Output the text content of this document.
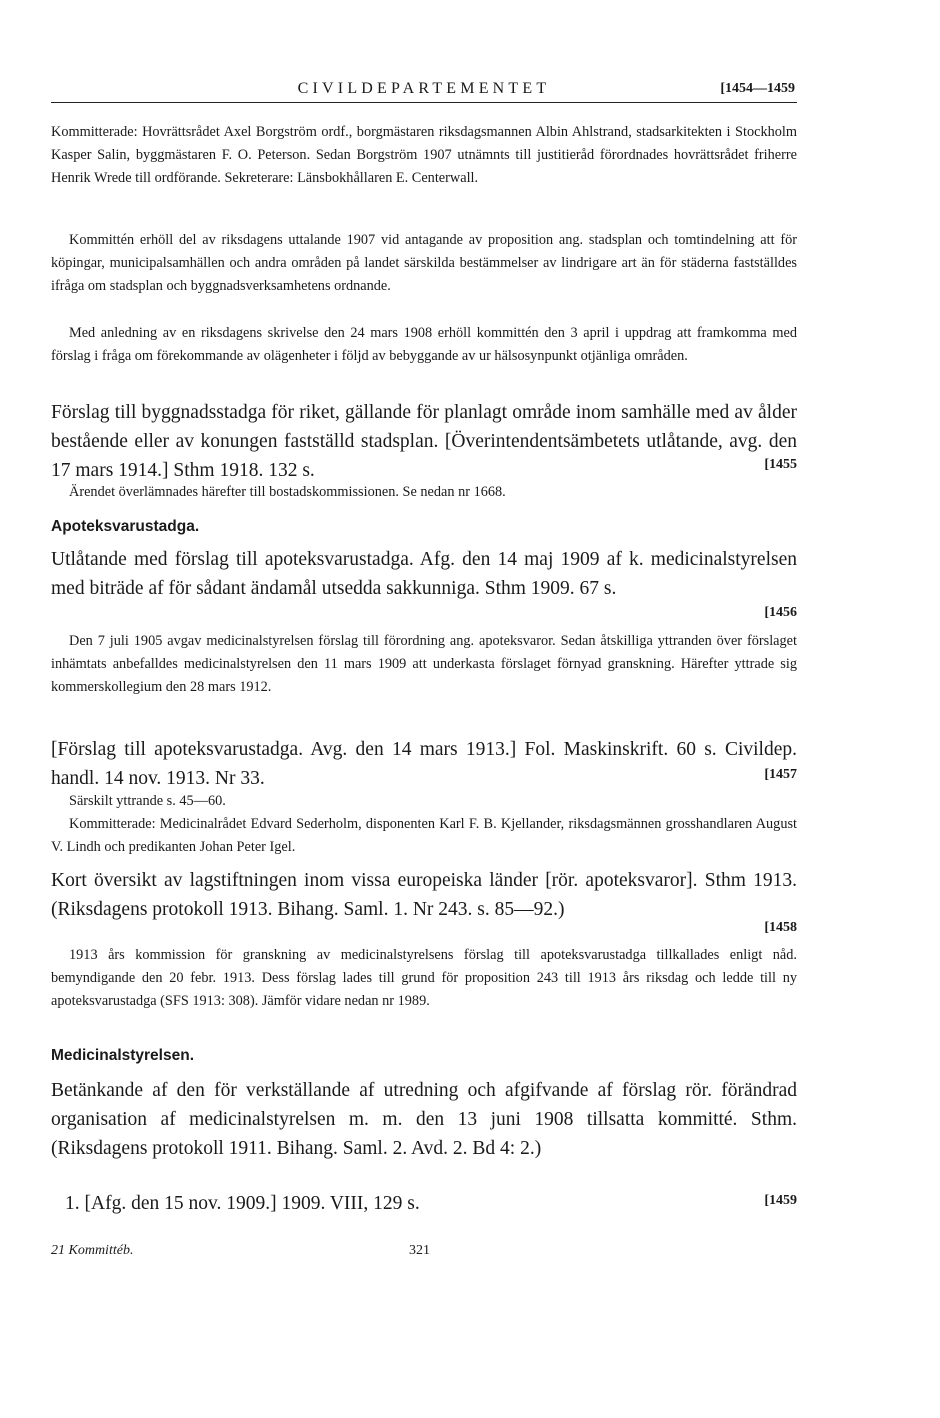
CIVILDEPARTEMENTET	[1454—1459

Kommitterade: Hovrättsrådet Axel Borgström ordf., borgmästaren riksdagsmannen Albin Ahlstrand, stadsarkitekten i Stockholm Kasper Salin, byggmästaren F. O. Peterson. Sedan Borgström 1907 utnämnts till justitieråd förordnades hovrättsrådet friherre Henrik Wrede till ordförande. Sekreterare: Länsbokhållaren E. Centerwall.

Kommittén erhöll del av riksdagens uttalande 1907 vid antagande av proposition ang. stadsplan och tomtindelning att för köpingar, municipalsamhällen och andra områden på landet särskilda bestämmelser av lindrigare art än för städerna fastställdes ifråga om stadsplan och byggnadsverksamhetens ordnande.

Med anledning av en riksdagens skrivelse den 24 mars 1908 erhöll kommittén den 3 april i uppdrag att framkomma med förslag i fråga om förekommande av olägenheter i följd av bebyggande av ur hälsosynpunkt otjänliga områden.

Förslag till byggnadsstadga för riket, gällande för planlagt område inom samhälle med av ålder bestående eller av konungen fastställd stadsplan. [Överintendentsämbetets utlåtande, avg. den 17 mars 1914.] Sthm 1918. 132 s.	[1455

Ärendet överlämnades härefter till bostadskommissionen. Se nedan nr 1668.

Apoteksvarustadga.

Utlåtande med förslag till apoteksvarustadga. Afg. den 14 maj 1909 af k. medicinalstyrelsen med biträde af för sådant ändamål utsedda sakkunniga. Sthm 1909. 67 s.

[1456

Den 7 juli 1905 avgav medicinalstyrelsen förslag till förordning ang. apoteksvaror. Sedan åtskilliga yttranden över förslaget inhämtats anbefalldes medicinalstyrelsen den 11 mars 1909 att underkasta förslaget förnyad granskning. Härefter yttrade sig kommerskollegium den 28 mars 1912.

[Förslag till apoteksvarustadga. Avg. den 14 mars 1913.] Fol. Maskinskrift. 60 s. Civildep. handl. 14 nov. 1913. Nr 33.	[1457

Särskilt yttrande s. 45—60.

Kommitterade: Medicinalrådet Edvard Sederholm, disponenten Karl F. B. Kjellander, riksdagsmännen grosshandlaren August V. Lindh och predikanten Johan Peter Igel.

Kort översikt av lagstiftningen inom vissa europeiska länder [rör. apoteksvaror]. Sthm 1913. (Riksdagens protokoll 1913. Bihang. Saml. 1. Nr 243. s. 85—92.)

[1458

1913 års kommission för granskning av medicinalstyrelsens förslag till apoteksvarustadga tillkallades enligt nåd. bemyndigande den 20 febr. 1913. Dess förslag lades till grund för proposition 243 till 1913 års riksdag och ledde till ny apoteksvarustadga (SFS 1913: 308). Jämför vidare nedan nr 1989.

Medicinalstyrelsen.

Betänkande af den för verkställande af utredning och afgifvande af förslag rör. förändrad organisation af medicinalstyrelsen m. m. den 13 juni 1908 tillsatta kommitté. Sthm. (Riksdagens protokoll 1911. Bihang. Saml. 2. Avd. 2. Bd 4: 2.)

1. [Afg. den 15 nov. 1909.] 1909. VIII, 129 s.	[1459
21 Kommittéb.	321
